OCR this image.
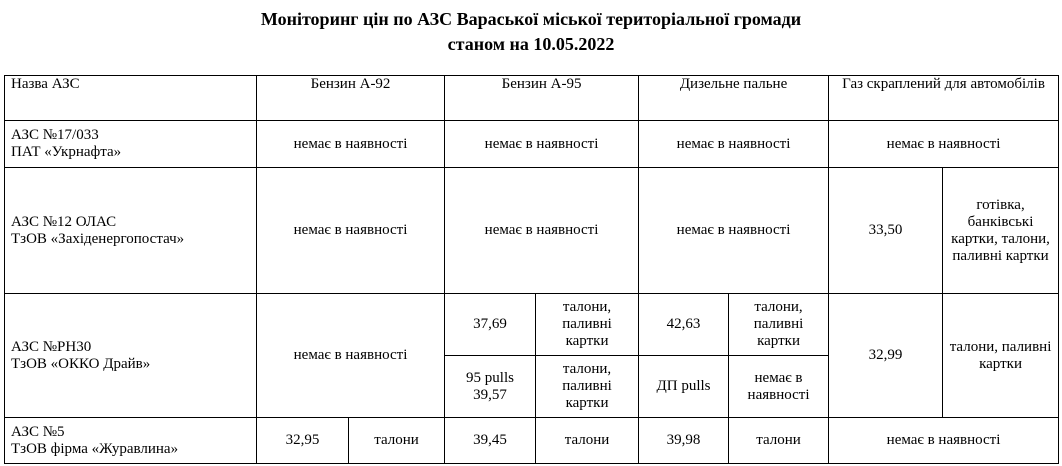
Моніторинг цін по АЗС Вараської міської територіальної громади
станом на 10.05.2022
Назва АЗС	Бензин А-92		Бензин А-95		Дизельне пальне		Газ скраплений для автомобілів	

АЗС №17/033
ПАТ «Укрнафта»	немає в наявності		немає в наявності		немає в наявності		немає в наявності	

АЗС №12 ОЛАС
ТзОВ «Західенергопостач»	немає в наявності		немає в наявності		немає в наявності		33,50	готівка, банківські картки, талони, паливні картки

АЗС №РН30
ТзОВ «ОККО Драйв»	немає в наявності		37,69	талони, паливні картки	42,63	талони, паливні картки	32,99	талони, паливні картки
			95 pulls 39,57	талони, паливні картки	ДП pulls	немає в наявності		

АЗС №5
ТзОВ фірма «Журавлина»	32,95	талони	39,45	талони	39,98	талони	немає в наявності	
